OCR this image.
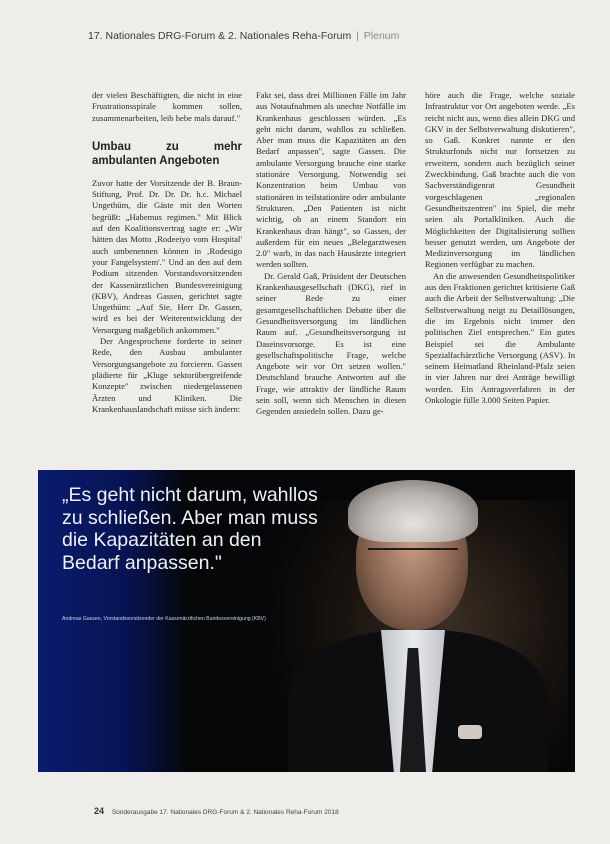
17. Nationales DRG-Forum & 2. Nationales Reha-Forum | Plenum

der vielen Beschäftigten, die nicht in eine Frustrationsspirale kommen sollen, zusammenarbeiten, leib hebe mals darauf."

Umbau zu mehr ambulanten Angeboten

Zuvor hatte der Vorsitzende der B. Braun-Stiftung, Prof. Dr. Dr. Dr. h.c. Michael Ungethüm, die Gäste mit den Worten begrüßt: „Habemus regimen." Mit Blick auf den Koalitionsvertrag sagte er: „Wir hätten das Motto ‚Rodeeiyo vom Hospital' auch umbenennen können in ‚Rodesigo your Fangelsystem'." Und an den auf dem Podium sitzenden Vorstandsvorsitzenden der Kassenärztlichen Bundesvereinigung (KBV), Andreas Gassen, gerichtet sagte Ungethüm: „Auf Sie, Herr Dr. Gassen, wird es bei der Weiterentwicklung der Versorgung maßgeblich ankommen."

Der Angesprochene forderte in seiner Rede, den Ausbau ambulanter Versorgungsangebote zu forcieren. Gassen plädierte für „Kluge sektorübergreifende Konzepte" zwischen niedergelassenen Ärzten und Kliniken. Die Krankenhauslandschaft müsse sich ändern:

Fakt sei, dass drei Millionen Fälle im Jahr aus Notaufnahmen als unechte Notfälle im Krankenhaus geschlossen würden. „Es geht nicht darum, wahllos zu schließen. Aber man muss die Kapazitäten an den Bedarf anpassen", sagte Gassen. Die ambulante Versorgung brauche eine starke stationäre Versorgung. Notwendig sei Konzentration beim Umbau von stationären in teilstationäre oder ambulante Strukturen. „Den Patienten ist nicht wichtig, ob an einem Standort ein Krankenhaus dran hängt", so Gassen, der außerdem für ein neues „Belegarztwesen 2.0" warb, in das nach Hausärzte integriert werden sollten.

Dr. Gerald Gaß, Präsident der Deutschen Krankenhausgesellschaft (DKG), rief in seiner Rede zu einer gesamtgesellschaftlichen Debatte über die Gesundheitsversorgung im ländlichen Raum auf. „Gesundheitsversorgung ist Daseinsvorsorge. Es ist eine gesellschaftspolitische Frage, welche Angebote wir vor Ort setzen wollen." Deutschland brauche Antworten auf die Frage, wie attraktiv der ländliche Raum sein soll, wenn sich Menschen in diesen Gegenden ansiedeln sollen. Dazu ge-

höre auch die Frage, welche soziale Infrastruktur vor Ort angeboten werde. „Es reicht nicht aus, wenn dies allein DKG und GKV in der Selbstverwaltung diskutieren", so Gaß. Konkret nannte er den Strukturfonds nicht nur fortsetzen zu erweitern, sondern auch bezüglich seiner Zweckbindung. Gaß brachte auch die von Sachverständigenrat Gesundheit vorgeschlagenen „regionalen Gesundheitszentren" ins Spiel, die mehr seien als Portalkliniken. Auch die Möglichkeiten der Digitalisierung sollten besser genutzt werden, um Angebote der Medizinversorgung im ländlichen Regionen verfügbar zu machen.

An die anwesenden Gesundheitspolitiker aus den Fraktionen gerichtet kritisierte Gaß auch die Arbeit der Selbstverwaltung: „Die Selbstverwaltung neigt zu Detaillösungen, die im Ergebnis nicht immer den politischen Ziel entsprechen." Ein gutes Beispiel sei die Ambulante Spezialfachärztliche Versorgung (ASV). In seinem Heimatland Rheinland-Pfalz seien in vier Jahren nur drei Anträge bewilligt worden. Ein Antragsverfahren in der Onkologie fülle 3.000 Seiten Papier.

„Es geht nicht darum, wahllos zu schließen. Aber man muss die Kapazitäten an den Bedarf anpassen."
Andreas Gassen, Vorstandsvorsitzender der Kassenärztlichen Bundesvereinigung (KBV)
24 Sonderausgabe 17. Nationales DRG-Forum & 2. Nationales Reha-Forum 2018
